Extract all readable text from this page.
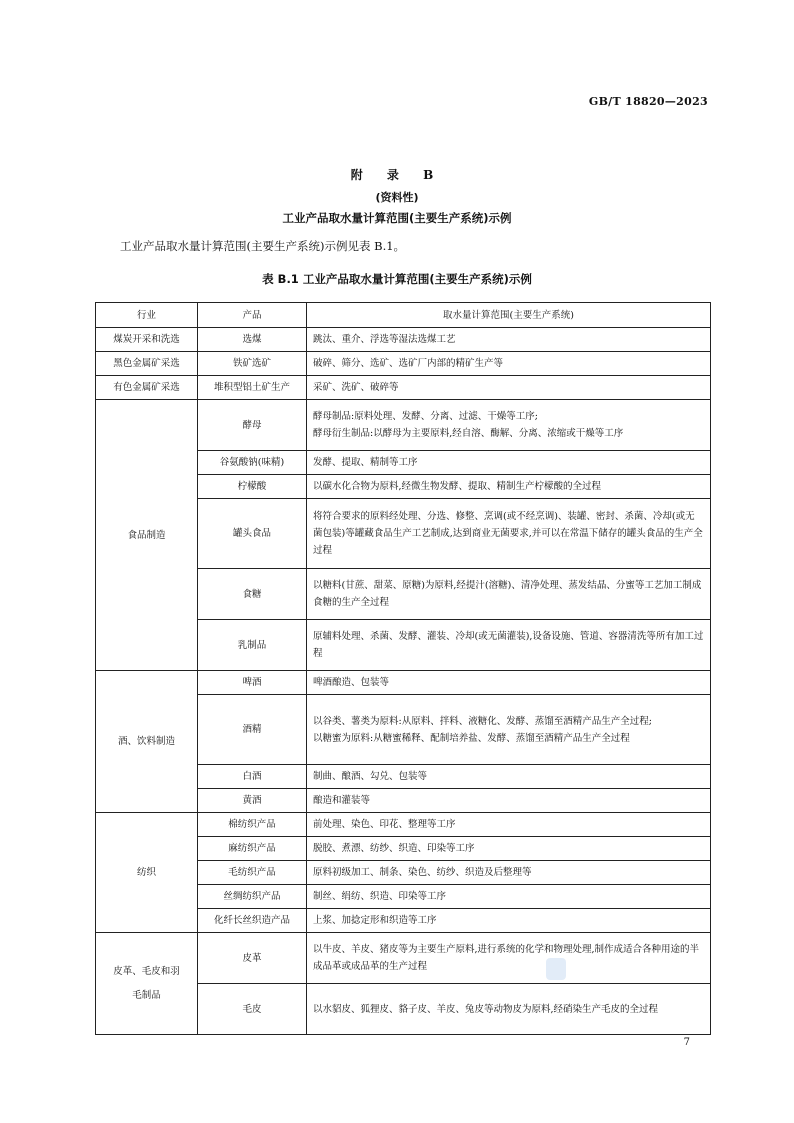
GB/T 18820—2023
附 录 B
(资料性)
工业产品取水量计算范围(主要生产系统)示例
工业产品取水量计算范围(主要生产系统)示例见表 B.1。
表 B.1 工业产品取水量计算范围(主要生产系统)示例
行业	产品	取水量计算范围(主要生产系统)
煤炭开采和洗选	选煤	跳汰、重介、浮选等湿法选煤工艺

黑色金属矿采选	铁矿选矿	破碎、筛分、选矿、选矿厂内部的精矿生产等

有色金属矿采选	堆积型铝土矿生产	采矿、洗矿、破碎等

食品制造	酵母	酵母制品:原料处理、发酵、分离、过滤、干燥等工序;
酵母衍生制品:以酵母为主要原料,经自溶、酶解、分离、浓缩或干燥等工序

	谷氨酸钠(味精)	发酵、提取、精制等工序

	柠檬酸	以碳水化合物为原料,经微生物发酵、提取、精制生产柠檬酸的全过程

	罐头食品	将符合要求的原料经处理、分选、修整、烹调(或不经烹调)、装罐、密封、杀菌、冷却(或无菌包装)等罐藏食品生产工艺制成,达到商业无菌要求,并可以在常温下储存的罐头食品的生产全过程

	食糖	以糖料(甘蔗、甜菜、原糖)为原料,经提汁(溶糖)、清净处理、蒸发结晶、分蜜等工艺加工制成食糖的生产全过程

	乳制品	原辅料处理、杀菌、发酵、灌装、冷却(或无菌灌装),设备设施、管道、容器清洗等所有加工过程

酒、饮料制造	啤酒	啤酒酿造、包装等

	酒精	以谷类、薯类为原料:从原料、拌料、液糖化、发酵、蒸馏至酒精产品生产全过程;
以糖蜜为原料:从糖蜜稀释、配制培养盐、发酵、蒸馏至酒精产品生产全过程

	白酒	制曲、酿酒、勾兑、包装等

	黄酒	酿造和灌装等

纺织	棉纺织产品	前处理、染色、印花、整理等工序

	麻纺织产品	脱胶、煮漂、纺纱、织造、印染等工序

	毛纺织产品	原料初级加工、制条、染色、纺纱、织造及后整理等

	丝绸纺织产品	制丝、绢纺、织造、印染等工序

	化纤长丝织造产品	上浆、加捻定形和织造等工序

皮革、毛皮和羽毛制品	皮革	以牛皮、羊皮、猪皮等为主要生产原料,进行系统的化学和物理处理,制作成适合各种用途的半成品革或成品革的生产过程

	毛皮	以水貂皮、狐狸皮、貉子皮、羊皮、兔皮等动物皮为原料,经硝染生产毛皮的全过程
7
